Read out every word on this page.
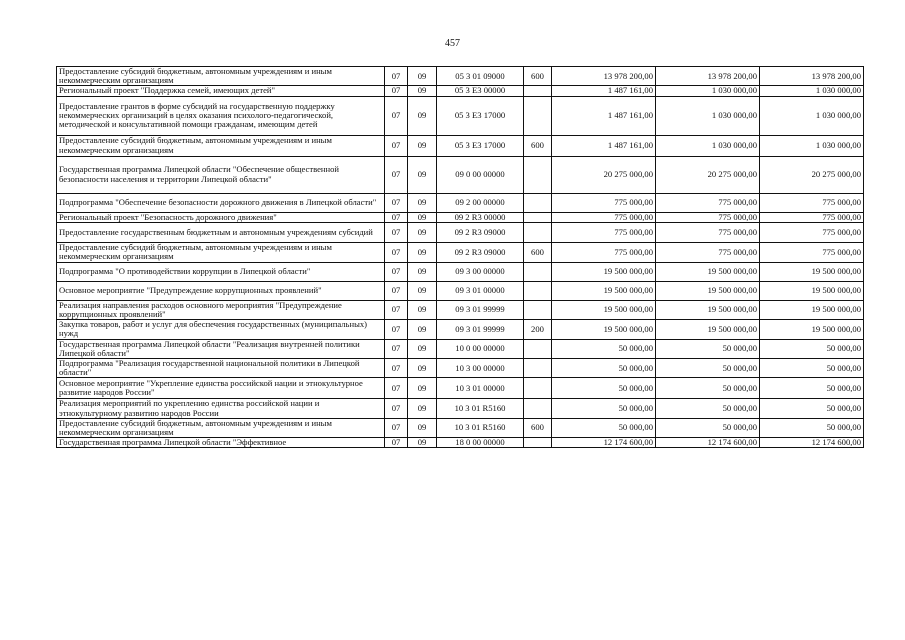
457
Предоставление субсидий бюджетным, автономным учреждениям и иным некоммерческим организациям	07	09	05 3 01 09000	600	13 978 200,00	13 978 200,00	13 978 200,00
Региональный проект "Поддержка семей, имеющих детей"	07	09	05 3 E3 00000		1 487 161,00	1 030 000,00	1 030 000,00
Предоставление грантов в форме субсидий на государственную поддержку некоммерческих организаций в целях оказания психолого-педагогической, методической и консультативной помощи гражданам, имеющим детей	07	09	05 3 E3 17000		1 487 161,00	1 030 000,00	1 030 000,00
Предоставление субсидий бюджетным, автономным учреждениям и иным некоммерческим организациям	07	09	05 3 E3 17000	600	1 487 161,00	1 030 000,00	1 030 000,00
Государственная программа Липецкой области "Обеспечение общественной безопасности населения и территории Липецкой области"	07	09	09 0 00 00000		20 275 000,00	20 275 000,00	20 275 000,00
Подпрограмма "Обеспечение безопасности дорожного движения в Липецкой области"	07	09	09 2 00 00000		775 000,00	775 000,00	775 000,00
Региональный проект "Безопасность дорожного движения"	07	09	09 2 R3 00000		775 000,00	775 000,00	775 000,00
Предоставление государственным бюджетным и автономным учреждениям субсидий	07	09	09 2 R3 09000		775 000,00	775 000,00	775 000,00
Предоставление субсидий бюджетным, автономным учреждениям и иным некоммерческим организациям	07	09	09 2 R3 09000	600	775 000,00	775 000,00	775 000,00
Подпрограмма "О противодействии коррупции в Липецкой области"	07	09	09 3 00 00000		19 500 000,00	19 500 000,00	19 500 000,00
Основное мероприятие "Предупреждение коррупционных проявлений"	07	09	09 3 01 00000		19 500 000,00	19 500 000,00	19 500 000,00
Реализация направления расходов основного мероприятия "Предупреждение коррупционных проявлений"	07	09	09 3 01 99999		19 500 000,00	19 500 000,00	19 500 000,00
Закупка товаров, работ и услуг для обеспечения государственных (муниципальных) нужд	07	09	09 3 01 99999	200	19 500 000,00	19 500 000,00	19 500 000,00
Государственная программа Липецкой области "Реализация внутренней политики Липецкой области"	07	09	10 0 00 00000		50 000,00	50 000,00	50 000,00
Подпрограмма "Реализация государственной национальной политики в Липецкой области"	07	09	10 3 00 00000		50 000,00	50 000,00	50 000,00
Основное мероприятие "Укрепление единства российской нации и этнокультурное развитие народов России"	07	09	10 3 01 00000		50 000,00	50 000,00	50 000,00
Реализация мероприятий по укреплению единства российской нации и этнокультурному развитию народов России	07	09	10 3 01 R5160		50 000,00	50 000,00	50 000,00
Предоставление субсидий бюджетным, автономным учреждениям и иным некоммерческим организациям	07	09	10 3 01 R5160	600	50 000,00	50 000,00	50 000,00
Государственная программа Липецкой области "Эффективное	07	09	18 0 00 00000		12 174 600,00	12 174 600,00	12 174 600,00
